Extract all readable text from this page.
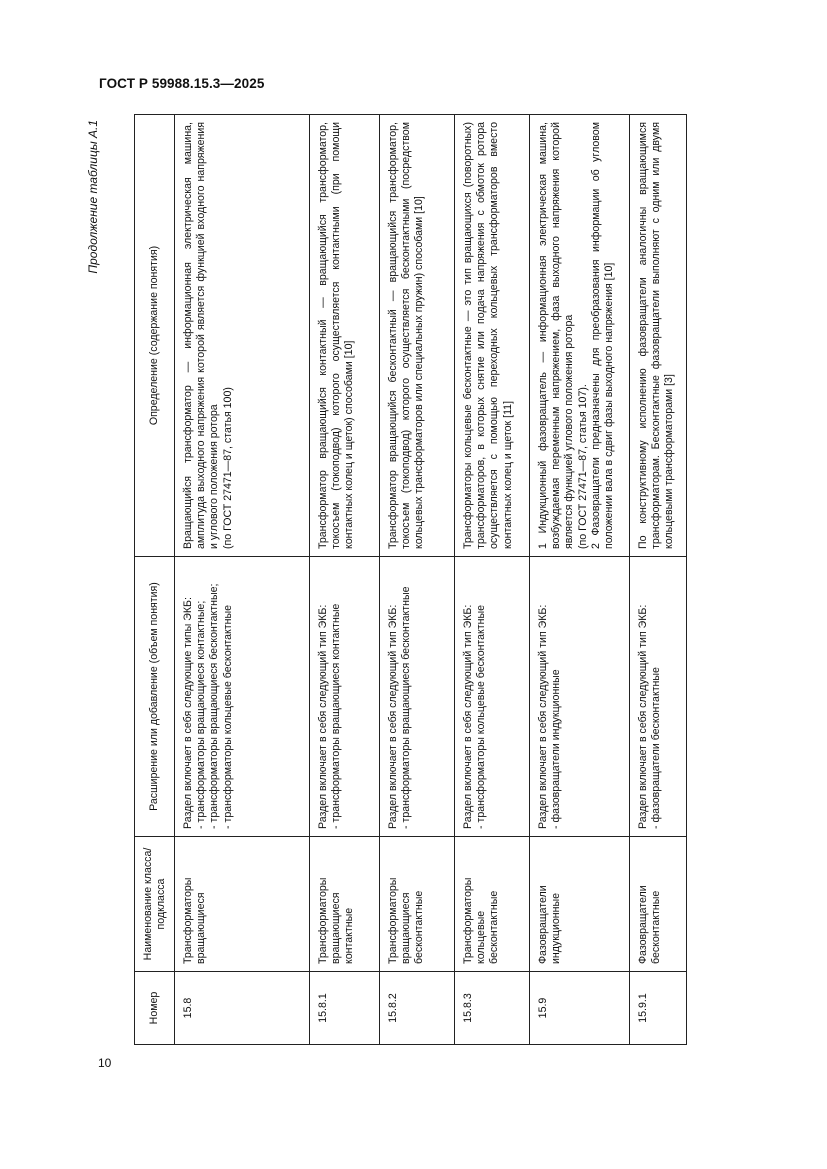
ГОСТ Р 59988.15.3—2025
10
Продолжение таблицы А.1
Номер	Наименование класса/ подкласса	Расширение или добавление (объем понятия)	Определение (содержание понятия)
15.8	Трансформаторы вращающиеся	Раздел включает в себя следующие типы ЭКБ: - трансформаторы вращающиеся контактные; - трансформаторы вращающиеся бесконтактные; - трансформаторы кольцевые бесконтактные	Вращающийся трансформатор — информационная электрическая машина, амплитуда выходного напряжения которой является функцией входного напряжения и углового положения ротора (по ГОСТ 27471—87, статья 100)

15.8.1	Трансформаторы вращающиеся контактные	Раздел включает в себя следующий тип ЭКБ: - трансформаторы вращающиеся контактные	Трансформатор вращающийся контактный — вращающийся трансформатор, токосъем (токоподвод) которого осуществляется контактными (при помощи контактных колец и щеток) способами [10]

15.8.2	Трансформаторы вращающиеся бесконтактные	Раздел включает в себя следующий тип ЭКБ: - трансформаторы вращающиеся бесконтактные	Трансформатор вращающийся бесконтактный — вращающийся трансформатор, токосъем (токоподвод) которого осуществляется бесконтактными (посредством кольцевых трансформаторов или специальных пружин) способами [10]

15.8.3	Трансформаторы кольцевые бесконтактные	Раздел включает в себя следующий тип ЭКБ: - трансформаторы кольцевые бесконтактные	Трансформаторы кольцевые бесконтактные — это тип вращающихся (поворотных) трансформаторов, в которых снятие или подача напряжения с обмоток ротора осуществляется с помощью переходных кольцевых трансформаторов вместо контактных колец и щеток [11]

15.9	Фазовращатели индукционные	Раздел включает в себя следующий тип ЭКБ: - фазовращатели индукционные	1 Индукционный фазовращатель — информационная электрическая машина, возбуждаемая переменным напряжением, фаза выходного напряжения которой является функцией углового положения ротора (по ГОСТ 27471—87, статья 107). 2 Фазовращатели предназначены для преобразования информации об угловом положении вала в сдвиг фазы выходного напряжения [10]

15.9.1	Фазовращатели бесконтактные	Раздел включает в себя следующий тип ЭКБ: - фазовращатели бесконтактные	По конструктивному исполнению фазовращатели аналогичны вращающимся трансформаторам. Бесконтактные фазовращатели выполняют с одним или двумя кольцевыми трансформаторами [3]
